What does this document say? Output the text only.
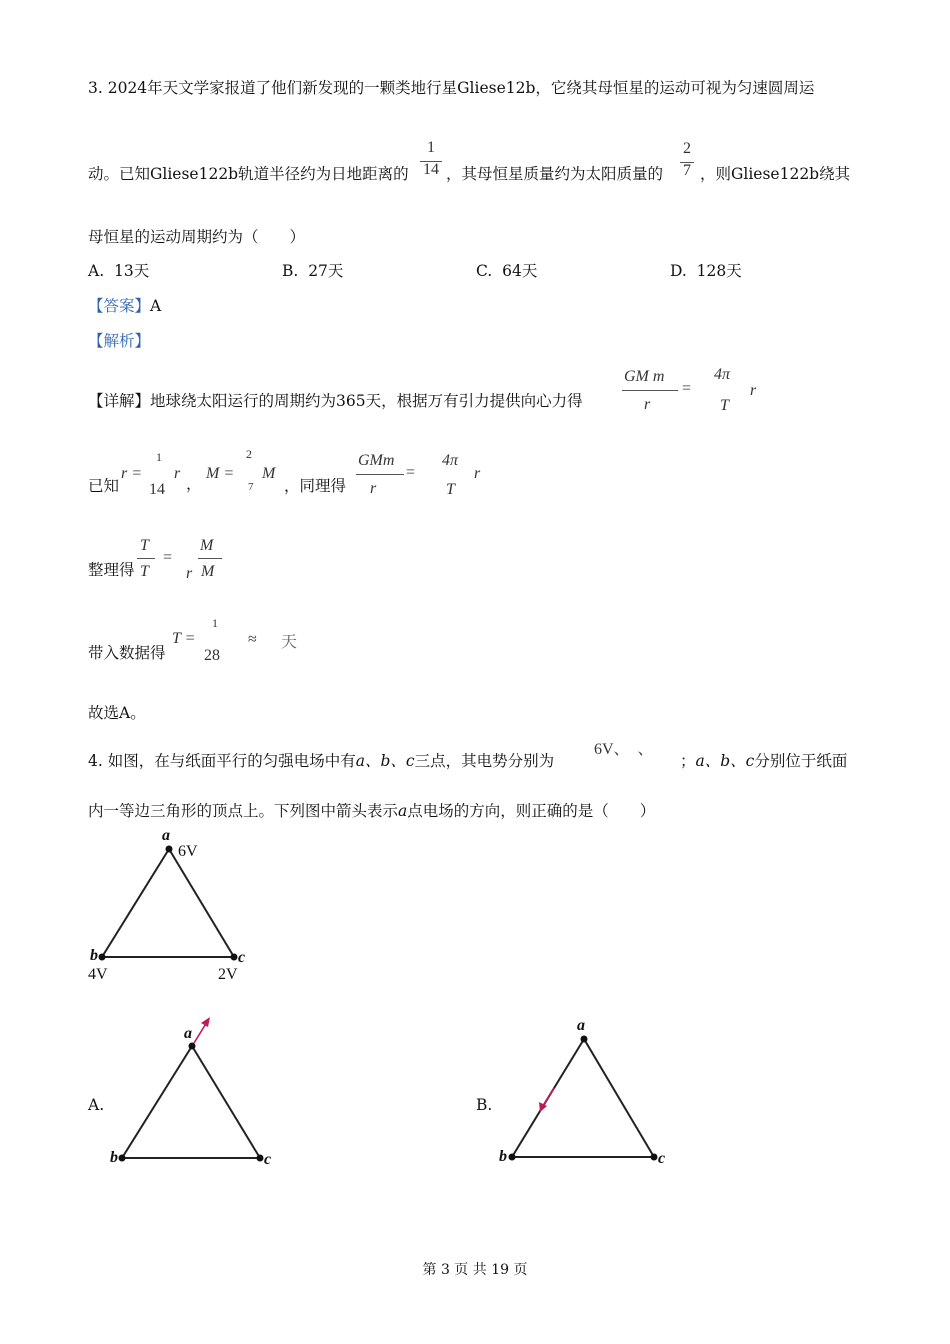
3. 2024年天文学家报道了他们新发现的一颗类地行星Gliese12b，它绕其母恒星的运动可视为匀速圆周运
动。已知Gliese122b轨道半径约为日地距离的
1
14 ，其母恒星质量约为太阳质量的
2
7 ，则Gliese122b绕其
母恒星的运动周期约为（　　）
A. 13天	B. 27天	C. 64天	D. 128天
【答案】A
【解析】
【详解】地球绕太阳运行的周期约为365天，根据万有引力提供向心力得
GM m
r
=
4π
T
r
已知
r =
1
14
r
，
M =
2
7
M
，同理得
GMm
r
=
4π
T
r
整理得
T
T
=
M
r M
带入数据得
T =
1
28
≈ 天
故选A。
4. 如图，在与纸面平行的匀强电场中有a、b、c三点，其电势分别为
6V、　、
；a、b、c分别位于纸面
内一等边三角形的顶点上。下列图中箭头表示a点电场的方向，则正确的是（　　）
a
6V
b
4V
c
2V
A.
a
b	c
B.
a
b	c
第 3 页 共 19 页
